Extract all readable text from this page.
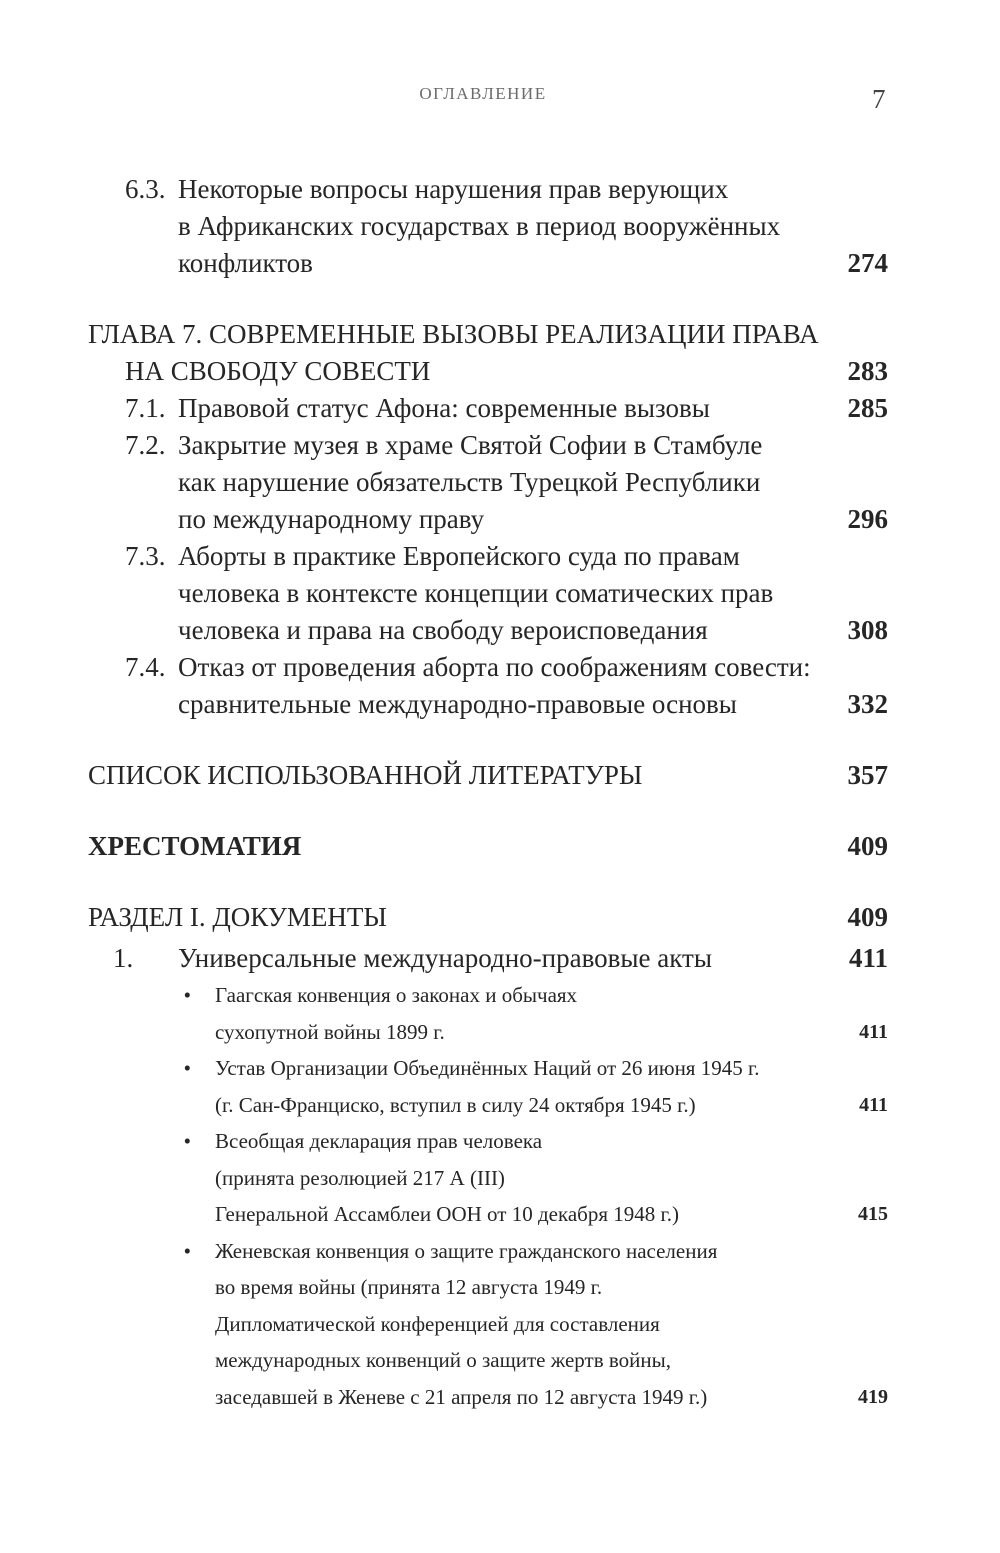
ОГЛАВЛЕНИЕ	7
6.3. Некоторые вопросы нарушения прав верующих
в Африканских государствах в период вооружённых
конфликтов	274
ГЛАВА 7. СОВРЕМЕННЫЕ ВЫЗОВЫ РЕАЛИЗАЦИИ ПРАВА
НА СВОБОДУ СОВЕСТИ	283
7.1. Правовой статус Афона: современные вызовы	285
7.2. Закрытие музея в храме Святой Софии в Стамбуле
как нарушение обязательств Турецкой Республики
по международному праву	296
7.3. Аборты в практике Европейского суда по правам
человека в контексте концепции соматических прав
человека и права на свободу вероисповедания	308
7.4. Отказ от проведения аборта по соображениям совести:
сравнительные международно-правовые основы	332
СПИСОК ИСПОЛЬЗОВАННОЙ ЛИТЕРАТУРЫ	357
ХРЕСТОМАТИЯ	409
РАЗДЕЛ I. ДОКУМЕНТЫ	409
1.	Универсальные международно-правовые акты	411
•	Гаагская конвенция о законах и обычаях
сухопутной войны 1899 г.	411
•	Устав Организации Объединённых Наций от 26 июня 1945 г.
(г. Сан-Франциско, вступил в силу 24 октября 1945 г.)	411
•	Всеобщая декларация прав человека
(принята резолюцией 217 А (III)
Генеральной Ассамблеи ООН от 10 декабря 1948 г.)	415
•	Женевская конвенция о защите гражданского населения
во время войны (принята 12 августа 1949 г.
Дипломатической конференцией для составления
международных конвенций о защите жертв войны,
заседавшей в Женеве с 21 апреля по 12 августа 1949 г.)	419
